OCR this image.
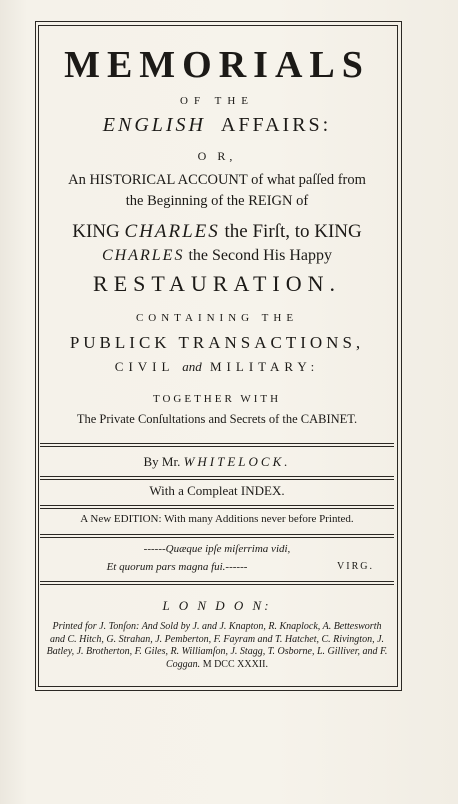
MEMORIALS
OF THE
ENGLISH AFFAIRS:
O R,
An HISTORICAL ACCOUNT of what paſſed from
the Beginning of the REIGN of
KING CHARLES the Firſt, to KING
CHARLES the Second His Happy
RESTAURATION.
CONTAINING THE
PUBLICK TRANSACTIONS,
CIVIL and MILITARY:
TOGETHER WITH
The Private Conſultations and Secrets of the CABINET.
By Mr. WHITELOCK.
With a Compleat INDEX.
A New EDITION: With many Additions never before Printed.
------Quæque ipſe miſerrima vidi,
Et quorum pars magna fui.------	VIRG.
L O N D O N:
Printed for J. Tonſon: And Sold by J. and J. Knapton, R. Knaplock, A. Bettesworth and C. Hitch, G. Strahan, J. Pemberton, F. Fayram and T. Hatchet, C. Rivington, J. Batley, J. Brotherton, F. Giles, R. Williamſon, J. Stagg, T. Osborne, L. Gilliver, and F. Coggan. M DCC XXXII.
